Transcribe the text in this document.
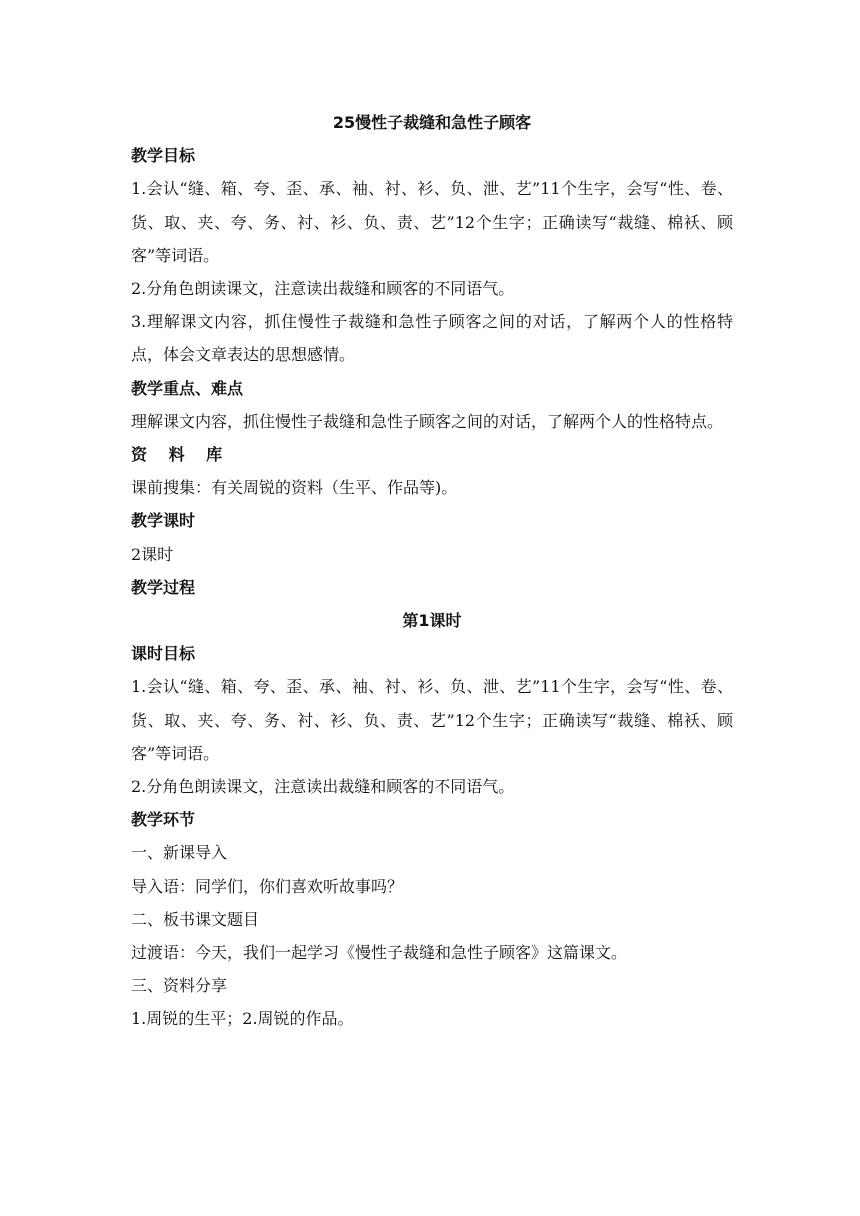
25慢性子裁缝和急性子顾客
教学目标
1.会认“缝、箱、夸、歪、承、袖、衬、衫、负、泄、艺”11个生字，会写“性、卷、货、取、夹、夸、务、衬、衫、负、责、艺”12个生字；正确读写“裁缝、棉袄、顾客”等词语。
2.分角色朗读课文，注意读出裁缝和顾客的不同语气。
3.理解课文内容，抓住慢性子裁缝和急性子顾客之间的对话，了解两个人的性格特点，体会文章表达的思想感情。
教学重点、难点
理解课文内容，抓住慢性子裁缝和急性子顾客之间的对话，了解两个人的性格特点。
资 料 库
课前搜集：有关周锐的资料（生平、作品等)。
教学课时
2课时
教学过程
第1课时
课时目标
1.会认“缝、箱、夸、歪、承、袖、衬、衫、负、泄、艺”11个生字，会写“性、卷、货、取、夹、夸、务、衬、衫、负、责、艺”12个生字；正确读写“裁缝、棉袄、顾客”等词语。
2.分角色朗读课文，注意读出裁缝和顾客的不同语气。
教学环节
一、新课导入
导入语：同学们，你们喜欢听故事吗？
二、板书课文题目
过渡语：今天，我们一起学习《慢性子裁缝和急性子顾客》这篇课文。
三、资料分享
1.周锐的生平；2.周锐的作品。
